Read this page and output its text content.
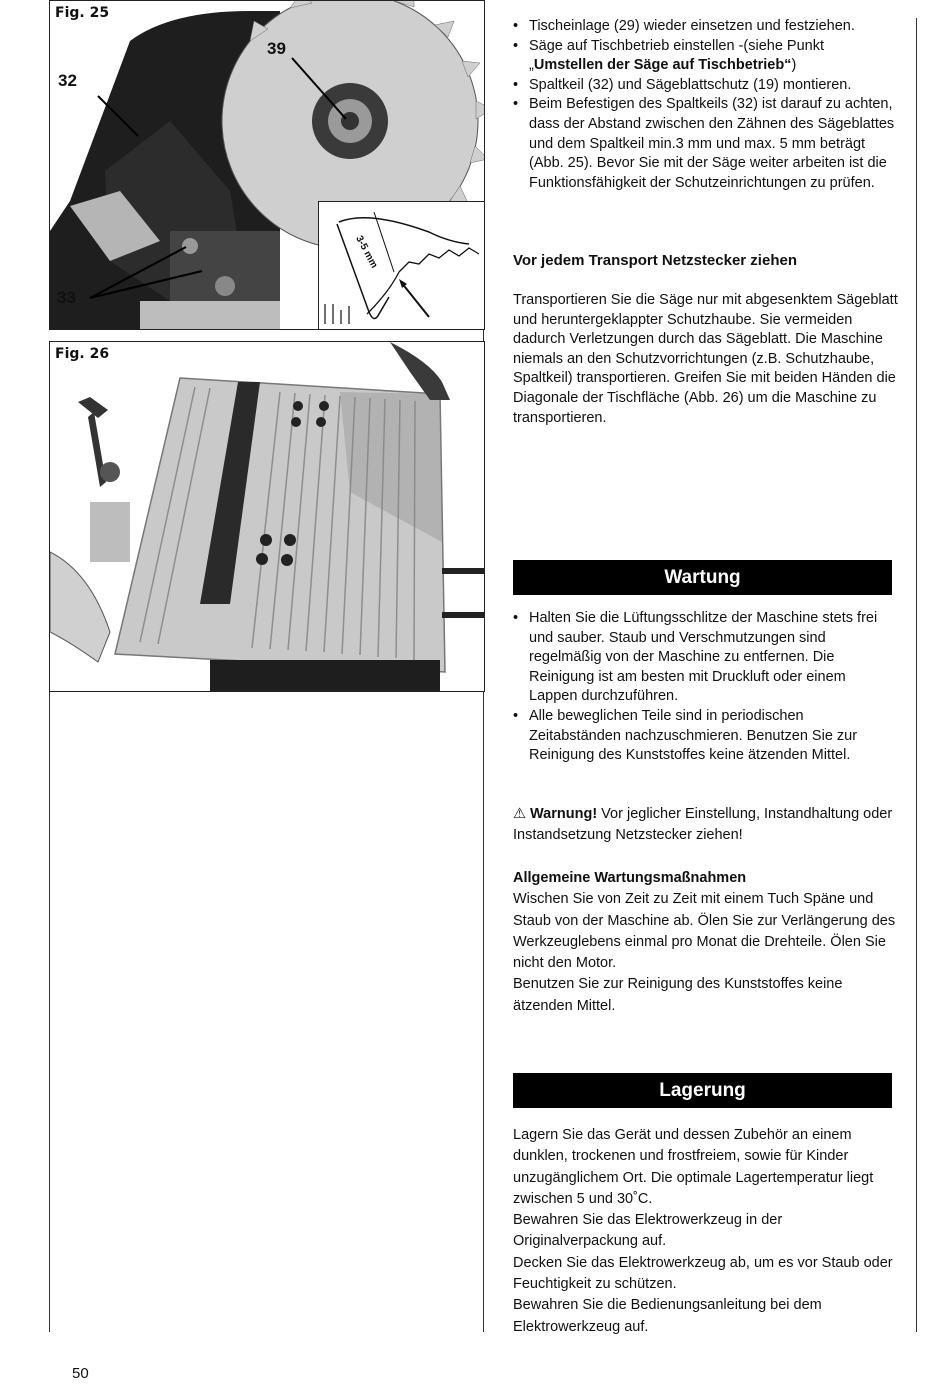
Fig. 25
32
39
33
3-5 mm
Fig. 26
• Tischeinlage (29) wieder einsetzen und festziehen.
• Säge auf Tischbetrieb einstellen -(siehe Punkt „Umstellen der Säge auf Tischbetrieb“)
• Spaltkeil (32) und Sägeblattschutz (19) montieren.
• Beim Befestigen des Spaltkeils (32) ist darauf zu achten, dass der Abstand zwischen den Zähnen des Sägeblattes und dem Spaltkeil min.3 mm und max. 5 mm beträgt (Abb. 25). Bevor Sie mit der Säge weiter arbeiten ist die Funktionsfähigkeit der Schutzeinrichtungen zu prüfen.
Vor jedem Transport Netzstecker ziehen
Transportieren Sie die Säge nur mit abgesenktem Sägeblatt und heruntergeklappter Schutzhaube. Sie vermeiden dadurch Verletzungen durch das Sägeblatt. Die Maschine niemals an den Schutzvorrichtungen (z.B. Schutzhaube, Spaltkeil) transportieren. Greifen Sie mit beiden Händen die Diagonale der Tischfläche (Abb. 26) um die Maschine zu transportieren.
Wartung
• Halten Sie die Lüftungsschlitze der Maschine stets frei und sauber. Staub und Verschmutzungen sind regelmäßig von der Maschine zu entfernen. Die Reinigung ist am besten mit Druckluft oder einem Lappen durchzuführen.
• Alle beweglichen Teile sind in periodischen Zeitabständen nachzuschmieren. Benutzen Sie zur Reinigung des Kunststoffes keine ätzenden Mittel.
⚠ Warnung! Vor jeglicher Einstellung, Instandhaltung oder Instandsetzung Netzstecker ziehen!
Allgemeine Wartungsmaßnahmen
Wischen Sie von Zeit zu Zeit mit einem Tuch Späne und Staub von der Maschine ab. Ölen Sie zur Verlängerung des Werkzeuglebens einmal pro Monat die Drehteile. Ölen Sie nicht den Motor.
Benutzen Sie zur Reinigung des Kunststoffes keine ätzenden Mittel.
Lagerung
Lagern Sie das Gerät und dessen Zubehör an einem dunklen, trockenen und frostfreiem, sowie für Kinder unzugänglichem Ort. Die optimale Lagertemperatur liegt zwischen 5 und 30˚C.
Bewahren Sie das Elektrowerkzeug in der Originalverpackung auf.
Decken Sie das Elektrowerkzeug ab, um es vor Staub oder Feuchtigkeit zu schützen.
Bewahren Sie die Bedienungsanleitung bei dem Elektrowerkzeug auf.
50
